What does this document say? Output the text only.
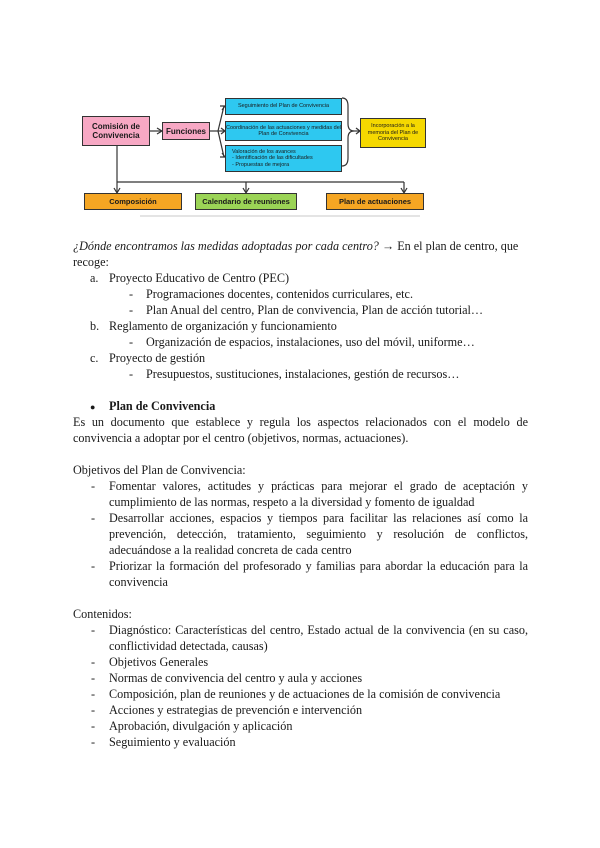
Comisión de Convivencia	Funciones
Seguimiento del Plan de Convivencia
Coordinación de las actuaciones y medidas del Plan de Convivencia
Valoración de los avances
- Identificación de las dificultades
- Propuestas de mejora
Incorporación a la memoria del Plan de Convivencia
Composición	Calendario de reuniones	Plan de actuaciones
¿Dónde encontramos las medidas adoptadas por cada centro? → En el plan de centro, que
recoge:
a. Proyecto Educativo de Centro (PEC)
- Programaciones docentes, contenidos curriculares, etc.
- Plan Anual del centro, Plan de convivencia, Plan de acción tutorial…
b. Reglamento de organización y funcionamiento
- Organización de espacios, instalaciones, uso del móvil, uniforme…
c. Proyecto de gestión
- Presupuestos, sustituciones, instalaciones, gestión de recursos…
● Plan de Convivencia
Es un documento que establece y regula los aspectos relacionados con el modelo de
convivencia a adoptar por el centro (objetivos, normas, actuaciones).
Objetivos del Plan de Convivencia:
- Fomentar valores, actitudes y prácticas para mejorar el grado de aceptación y
cumplimiento de las normas, respeto a la diversidad y fomento de igualdad
- Desarrollar acciones, espacios y tiempos para facilitar las relaciones así como la
prevención, detección, tratamiento, seguimiento y resolución de conflictos,
adecuándose a la realidad concreta de cada centro
- Priorizar la formación del profesorado y familias para abordar la educación para la
convivencia
Contenidos:
- Diagnóstico: Características del centro, Estado actual de la convivencia (en su caso,
conflictividad detectada, causas)
- Objetivos Generales
- Normas de convivencia del centro y aula y acciones
- Composición, plan de reuniones y de actuaciones de la comisión de convivencia
- Acciones y estrategias de prevención e intervención
- Aprobación, divulgación y aplicación
- Seguimiento y evaluación
